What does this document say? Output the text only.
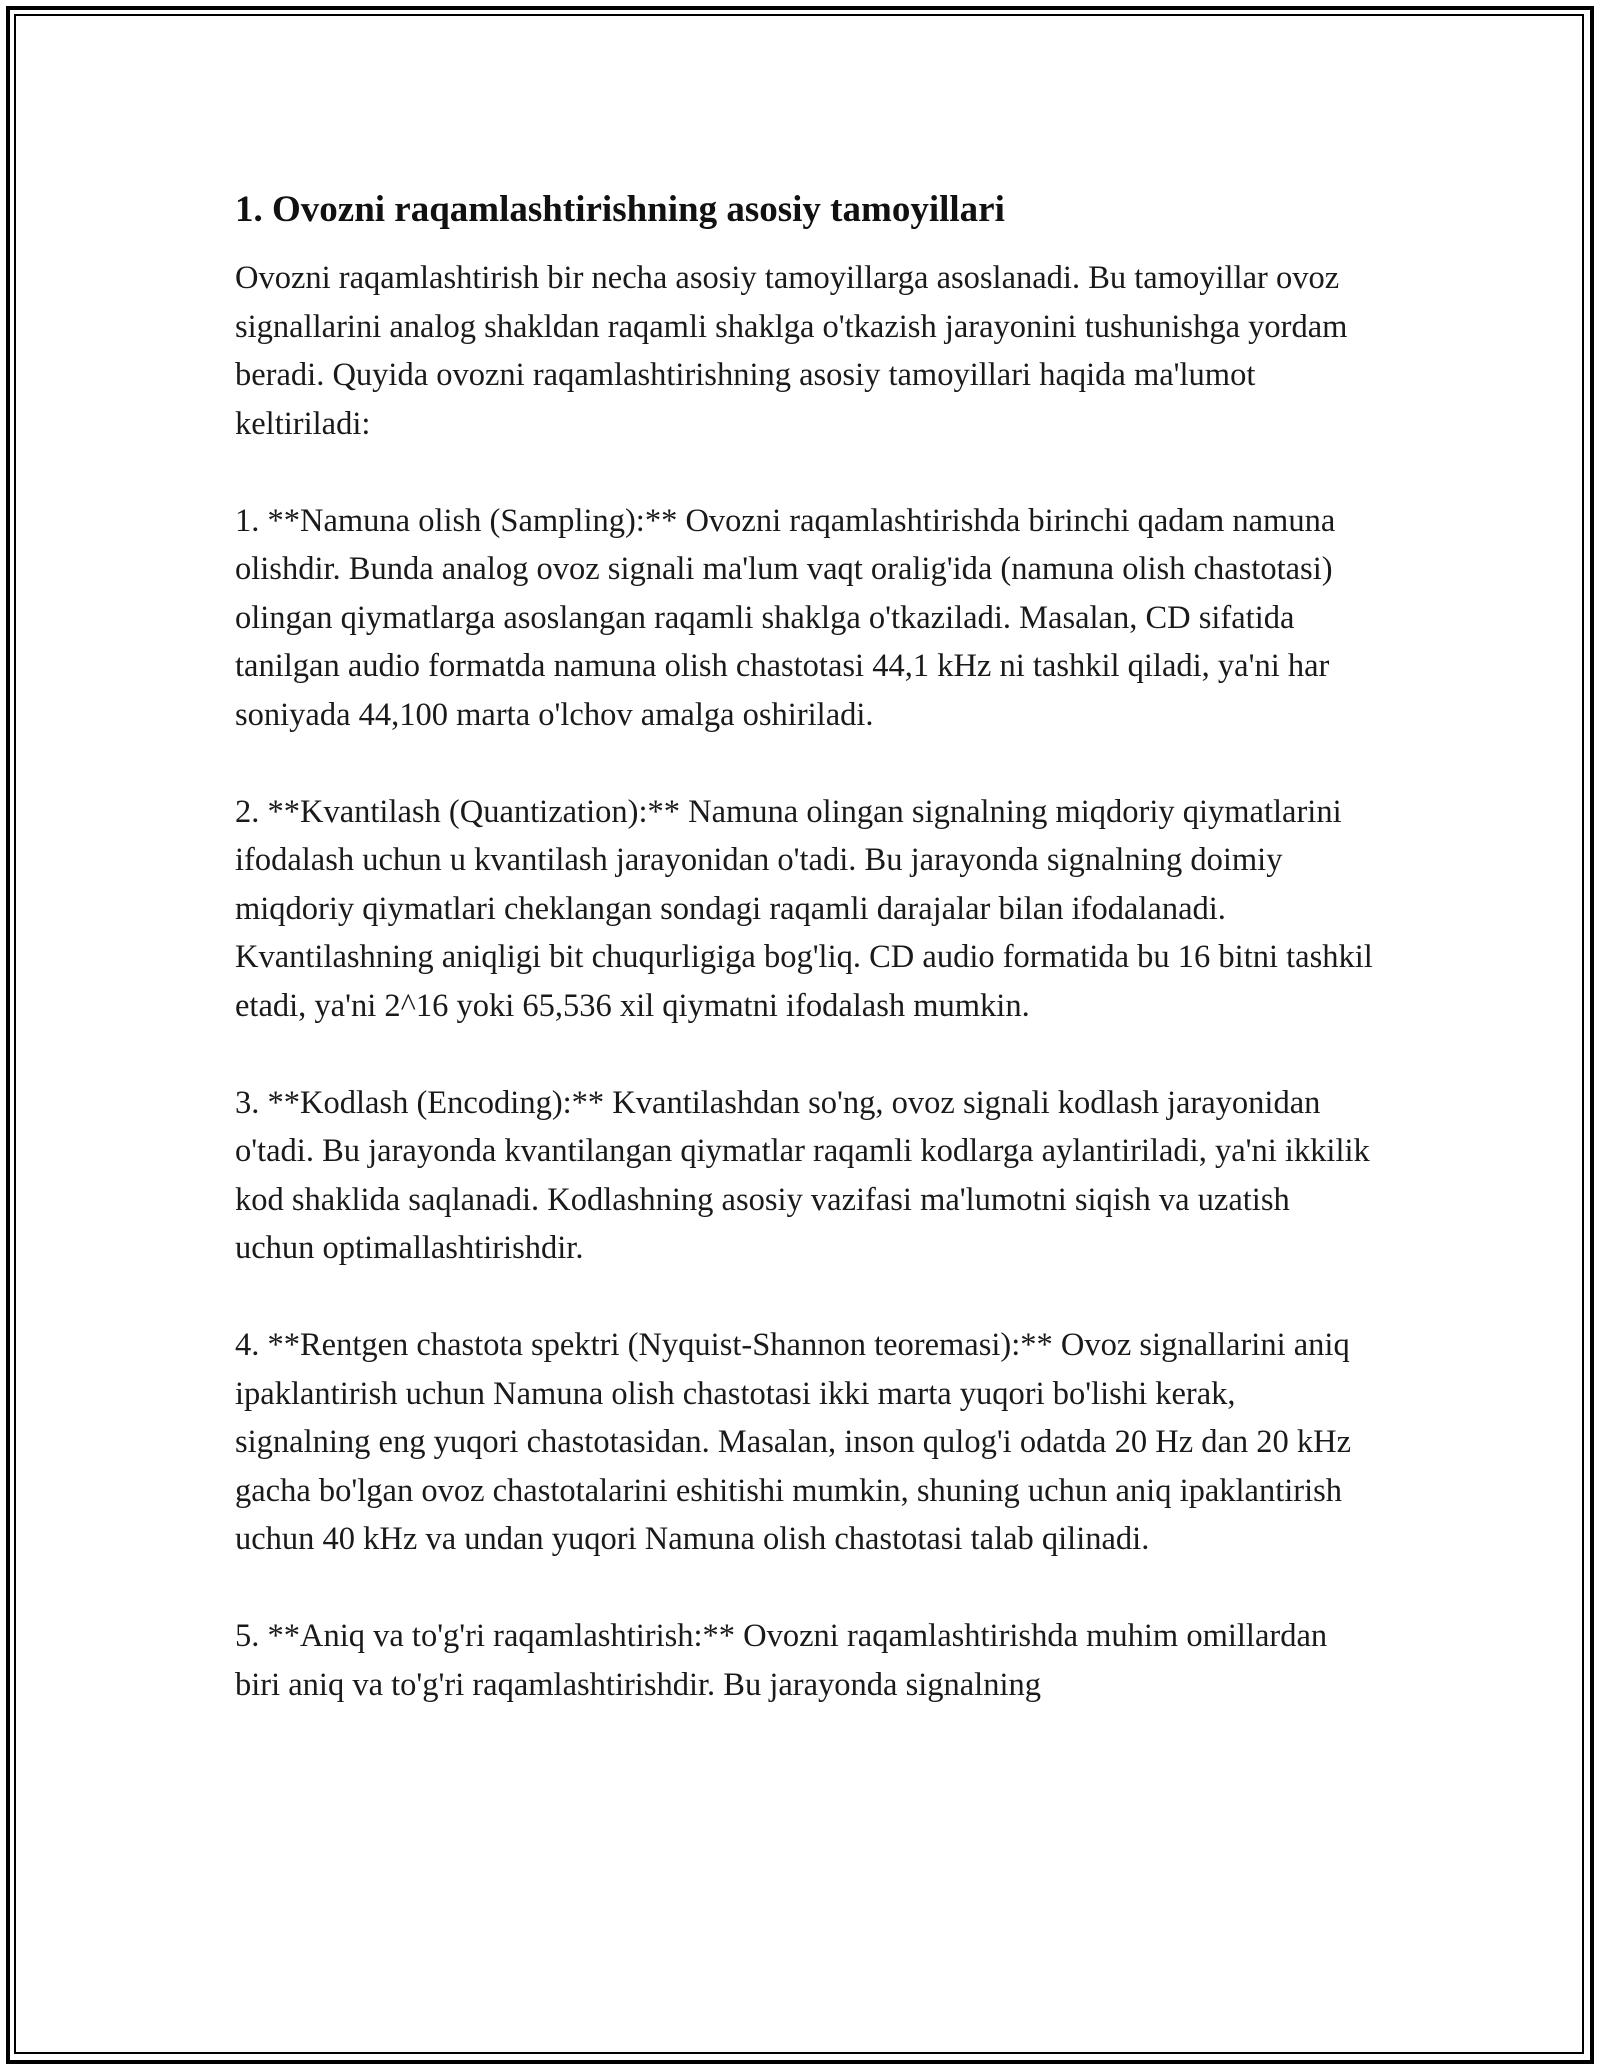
1. Ovozni raqamlashtirishning asosiy tamoyillari

Ovozni raqamlashtirish bir necha asosiy tamoyillarga asoslanadi. Bu tamoyillar ovoz signallarini analog shakldan raqamli shaklga o'tkazish jarayonini tushunishga yordam beradi. Quyida ovozni raqamlashtirishning asosiy tamoyillari haqida ma'lumot keltiriladi:

1. **Namuna olish (Sampling):** Ovozni raqamlashtirishda birinchi qadam namuna olishdir. Bunda analog ovoz signali ma'lum vaqt oralig'ida (namuna olish chastotasi) olingan qiymatlarga asoslangan raqamli shaklga o'tkaziladi. Masalan, CD sifatida tanilgan audio formatda namuna olish chastotasi 44,1 kHz ni tashkil qiladi, ya'ni har soniyada 44,100 marta o'lchov amalga oshiriladi.

2. **Kvantilash (Quantization):** Namuna olingan signalning miqdoriy qiymatlarini ifodalash uchun u kvantilash jarayonidan o'tadi. Bu jarayonda signalning doimiy miqdoriy qiymatlari cheklangan sondagi raqamli darajalar bilan ifodalanadi. Kvantilashning aniqligi bit chuqurligiga bog'liq. CD audio formatida bu 16 bitni tashkil etadi, ya'ni 2^16 yoki 65,536 xil qiymatni ifodalash mumkin.

3. **Kodlash (Encoding):** Kvantilashdan so'ng, ovoz signali kodlash jarayonidan o'tadi. Bu jarayonda kvantilangan qiymatlar raqamli kodlarga aylantiriladi, ya'ni ikkilik kod shaklida saqlanadi. Kodlashning asosiy vazifasi ma'lumotni siqish va uzatish uchun optimallashtirishdir.

4. **Rentgen chastota spektri (Nyquist-Shannon teoremasi):** Ovoz signallarini aniq ipaklantirish uchun Namuna olish chastotasi ikki marta yuqori bo'lishi kerak, signalning eng yuqori chastotasidan. Masalan, inson qulog'i odatda 20 Hz dan 20 kHz gacha bo'lgan ovoz chastotalarini eshitishi mumkin, shuning uchun aniq ipaklantirish uchun 40 kHz va undan yuqori Namuna olish chastotasi talab qilinadi.

5. **Aniq va to'g'ri raqamlashtirish:** Ovozni raqamlashtirishda muhim omillardan biri aniq va to'g'ri raqamlashtirishdir. Bu jarayonda signalning
